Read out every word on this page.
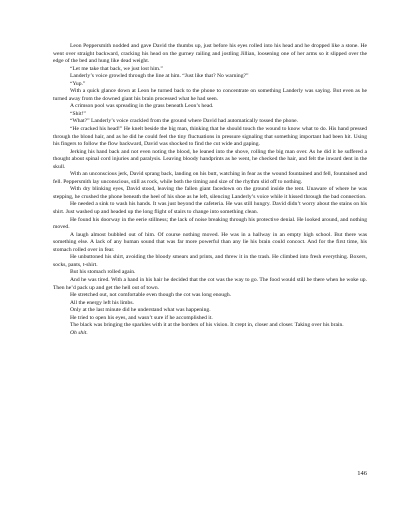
Leon Peppersmith nodded and gave David the thumbs up, just before his eyes rolled into his head and he dropped like a stone. He went over straight backward, cracking his head on the gurney railing and jostling Jillian, loosening one of her arms so it slipped over the edge of the bed and hung like dead weight.

“Let me take that back, we just lost him.”

Landerly’s voice growled through the line at him. “Just like that? No warning?”

“Yup.”

With a quick glance down at Leon he turned back to the phone to concentrate on something Landerly was saying. But even as he turned away from the downed giant his brain processed what he had seen.

A crimson pool was spreading in the grass beneath Leon’s head.

“Shit!”

“What?” Landerly’s voice crackled from the ground where David had automatically tossed the phone.

“He cracked his head!” He knelt beside the big man, thinking that he should touch the wound to know what to do. His hand pressed through the blond hair, and as he did he could feel the tiny fluctuations in pressure signaling that something important had been hit. Using his fingers to follow the flow backward, David was shocked to find the cut wide and gaping.

Jerking his hand back and not even noting the blood, he leaned into the shove, rolling the big man over. As he did it he suffered a thought about spinal cord injuries and paralysis. Leaving bloody handprints as he went, he checked the hair, and felt the inward dent in the skull.

With an unconscious jerk, David sprang back, landing on his butt, watching in fear as the wound fountained and fell, fountained and fell. Peppersmith lay unconscious, still as rock, while both the timing and size of the rhythm slid off to nothing.

With dry blinking eyes, David stood, leaving the fallen giant facedown on the ground inside the tent. Unaware of where he was stepping, he crushed the phone beneath the heel of his shoe as he left, silencing Landerly’s voice while it hissed through the bad connection.

He needed a sink to wash his hands. It was just beyond the cafeteria. He was still hungry. David didn’t worry about the stains on his shirt. Just washed up and headed up the long flight of stairs to change into something clean.

He found his doorway in the eerie stillness; the lack of noise breaking through his protective denial. He looked around, and nothing moved.

A laugh almost bubbled out of him. Of course nothing moved. He was in a hallway in an empty high school. But there was something else. A lack of any human sound that was far more powerful than any lie his brain could concoct. And for the first time, his stomach rolled over in fear.

He unbuttoned his shirt, avoiding the bloody smears and prints, and threw it in the trash. He climbed into fresh everything. Boxers, socks, pants, t-shirt.

But his stomach rolled again.

And he was tired. With a hand in his hair he decided that the cot was the way to go. The food would still be there when he woke up. Then he’d pack up and get the hell out of town.

He stretched out, not comfortable even though the cot was long enough.

All the energy left his limbs.

Only at the last minute did he understand what was happening.

He tried to open his eyes, and wasn’t sure if he accomplished it.

The black was bringing the sparkles with it at the borders of his vision. It crept in, closer and closer. Taking over his brain.

Oh shit.

146
